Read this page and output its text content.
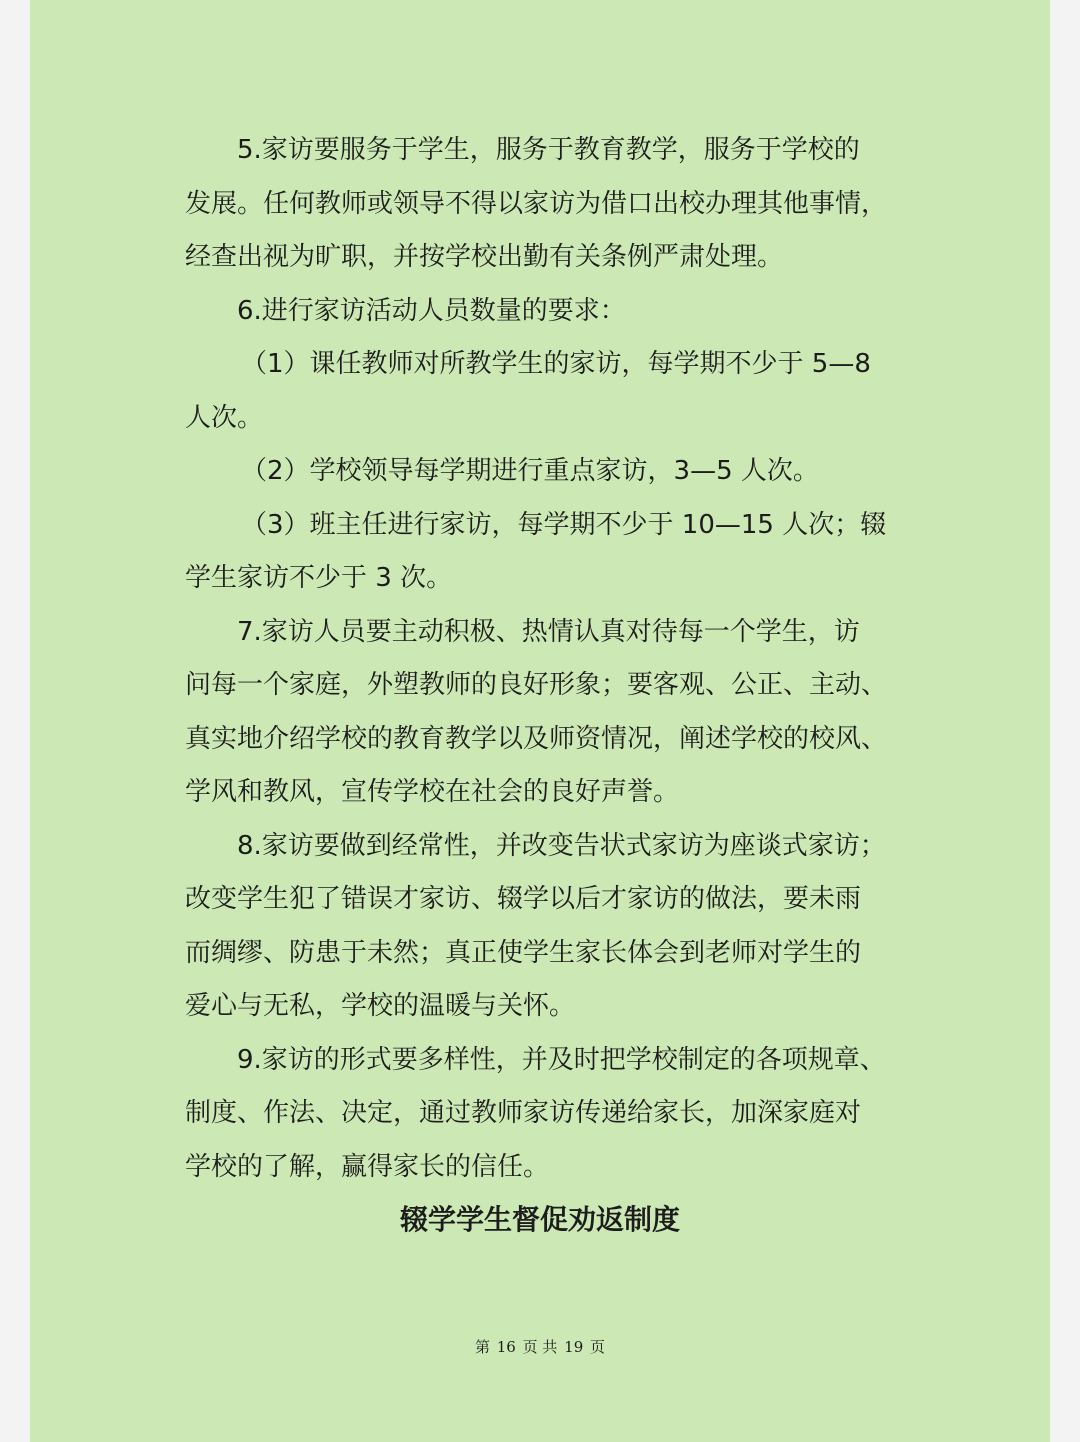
5.家访要服务于学生，服务于教育教学，服务于学校的
发展。任何教师或领导不得以家访为借口出校办理其他事情，
经查出视为旷职，并按学校出勤有关条例严肃处理。
6.进行家访活动人员数量的要求：
（1）课任教师对所教学生的家访，每学期不少于 5—8
人次。
（2）学校领导每学期进行重点家访，3—5 人次。
（3）班主任进行家访，每学期不少于 10—15 人次；辍
学生家访不少于 3 次。
7.家访人员要主动积极、热情认真对待每一个学生，访
问每一个家庭，外塑教师的良好形象；要客观、公正、主动、
真实地介绍学校的教育教学以及师资情况，阐述学校的校风、
学风和教风，宣传学校在社会的良好声誉。
8.家访要做到经常性，并改变告状式家访为座谈式家访；
改变学生犯了错误才家访、辍学以后才家访的做法，要未雨
而绸缪、防患于未然；真正使学生家长体会到老师对学生的
爱心与无私，学校的温暖与关怀。
9.家访的形式要多样性，并及时把学校制定的各项规章、
制度、作法、决定，通过教师家访传递给家长，加深家庭对
学校的了解，赢得家长的信任。
辍学学生督促劝返制度
第 16 页 共 19 页
